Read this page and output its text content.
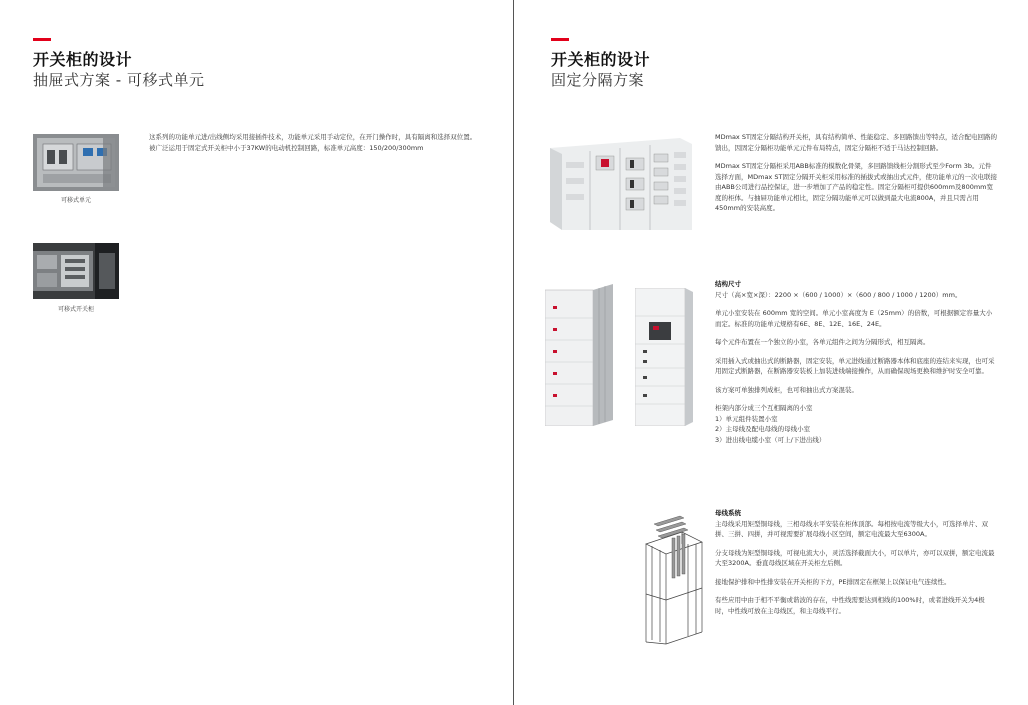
开关柜的设计
抽屉式方案 - 可移式单元
可移式单元
可移式开关柜
这系列的功能单元进/出线侧均采用接插件技术，功能单元采用手动定位，在开门操作时，具有隔离和选择双位置。被广泛运用于固定式开关柜中小于37KW的电动机控制回路，标准单元高度：150/200/300mm
开关柜的设计
固定分隔方案

MDmax ST固定分隔结构开关柜，具有结构简单、性能稳定、多回路馈出等特点，适合配电回路的馈出，因固定分隔柜功能单元元件布局特点，固定分隔柜不适于马达控制回路。

MDmax ST固定分隔柜采用ABB标准的模数化骨架，多回路馈线柜分割形式至少Form 3b。元件选择方面，MDmax ST固定分隔开关柜采用标准的插拔式或抽出式元件，使功能单元的一次电联接由ABB公司进行品控保证，进一步增加了产品的稳定性。固定分隔柜可提供600mm及800mm宽度的柜体。与抽屉功能单元相比，固定分隔功能单元可以做到最大电流800A，并且只需占用450mm的安装高度。

结构尺寸

尺寸（高×宽×深）：2200 ×（600 / 1000）×（600 / 800 / 1000 / 1200）mm。

单元小室安装在 600mm 宽的空间。单元小室高度为 E（25mm）的倍数，可根据额定容量大小而定。标准的功能单元规格有6E、8E、12E、16E、24E。

每个元件布置在一个独立的小室，各单元组件之间为分隔形式，相互隔离。

采用插入式或抽出式的断路器，固定安装，单元进线通过断路器本体和底座的连结来实现，也可采用固定式断路器，在断路器安装板上加装进线端接操作，从而确保现场更换和维护时安全可靠。

该方案可单独排列成柜，也可和抽出式方案混装。

柜架内部分成三个互相隔离的小室

1）单元组件装置小室

2）主母线及配电母线的母线小室

3）进出线电缆小室（可上/下进出线）

母线系统

主母线采用矩型铜母线，三相母线水平安装在柜体顶部。每相按电流等级大小，可选择单片、双拼、三拼、四拼，并可视需要扩展母线小区空间，额定电流最大至6300A。

分支母线为矩型铜母线，可视电流大小，灵活选择截面大小，可以单片，亦可以双拼，额定电流最大至3200A。垂直母线区域在开关柜左后侧。

接地保护排和中性排安装在开关柜的下方，PE排固定在框架上以保证电气连续性。

有些应用中由于相不平衡或谐波的存在，中性线需要达到相线的100%时，或者进线开关为4极时，中性线可放在主母线区，和主母线平行。
